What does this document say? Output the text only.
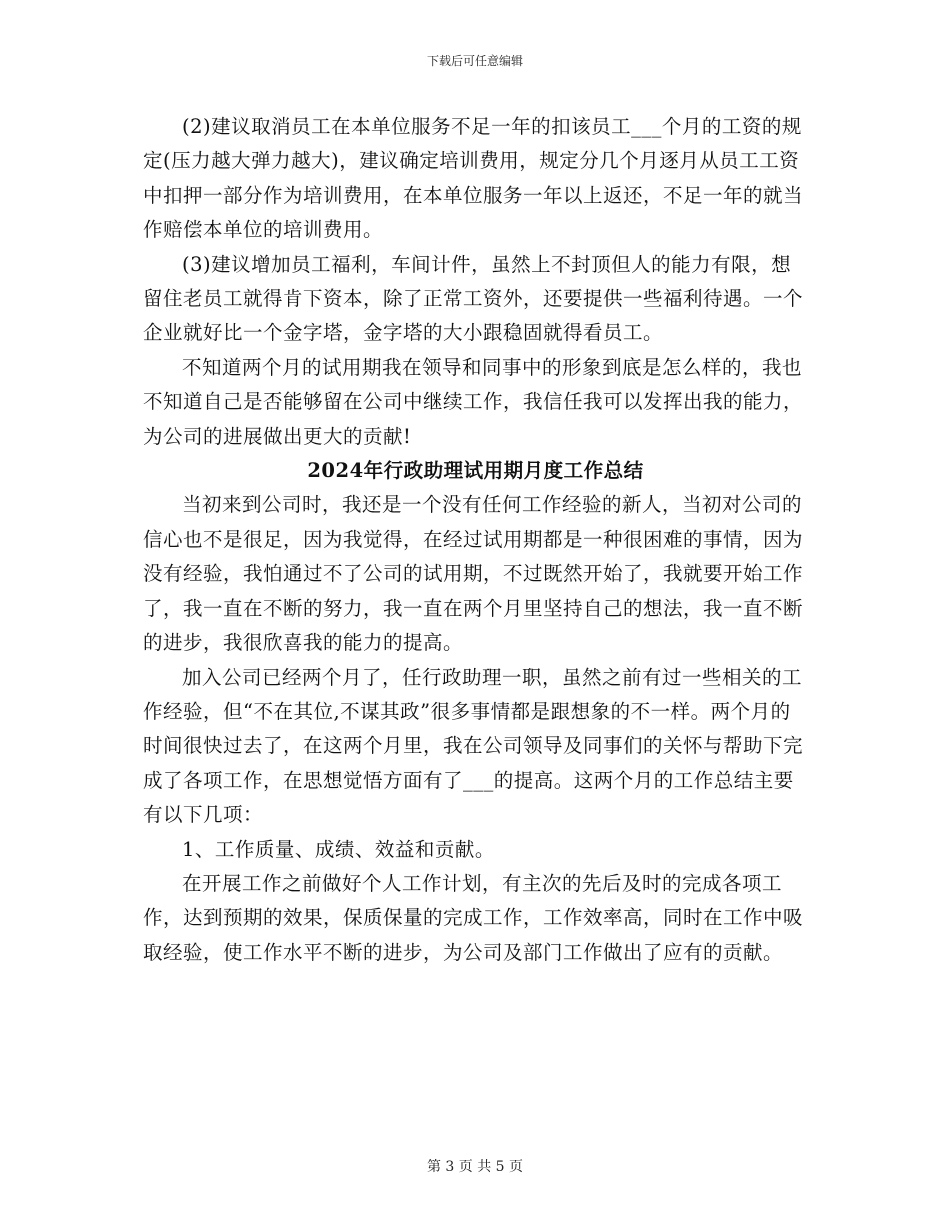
下载后可任意编辑

(2)建议取消员工在本单位服务不足一年的扣该员工___个月的工资的规定(压力越大弹力越大)，建议确定培训费用，规定分几个月逐月从员工工资中扣押一部分作为培训费用，在本单位服务一年以上返还，不足一年的就当作赔偿本单位的培训费用。

(3)建议增加员工福利，车间计件，虽然上不封顶但人的能力有限，想留住老员工就得肯下资本，除了正常工资外，还要提供一些福利待遇。一个企业就好比一个金字塔，金字塔的大小跟稳固就得看员工。

不知道两个月的试用期我在领导和同事中的形象到底是怎么样的，我也不知道自己是否能够留在公司中继续工作，我信任我可以发挥出我的能力，为公司的进展做出更大的贡献!

2024年行政助理试用期月度工作总结

当初来到公司时，我还是一个没有任何工作经验的新人，当初对公司的信心也不是很足，因为我觉得，在经过试用期都是一种很困难的事情，因为没有经验，我怕通过不了公司的试用期，不过既然开始了，我就要开始工作了，我一直在不断的努力，我一直在两个月里坚持自己的想法，我一直不断的进步，我很欣喜我的能力的提高。

加入公司已经两个月了，任行政助理一职，虽然之前有过一些相关的工作经验，但“不在其位,不谋其政”很多事情都是跟想象的不一样。两个月的时间很快过去了，在这两个月里，我在公司领导及同事们的关怀与帮助下完成了各项工作，在思想觉悟方面有了___的提高。这两个月的工作总结主要有以下几项：

1、工作质量、成绩、效益和贡献。

在开展工作之前做好个人工作计划，有主次的先后及时的完成各项工作，达到预期的效果，保质保量的完成工作，工作效率高，同时在工作中吸取经验，使工作水平不断的进步，为公司及部门工作做出了应有的贡献。

第 3 页 共 5 页
